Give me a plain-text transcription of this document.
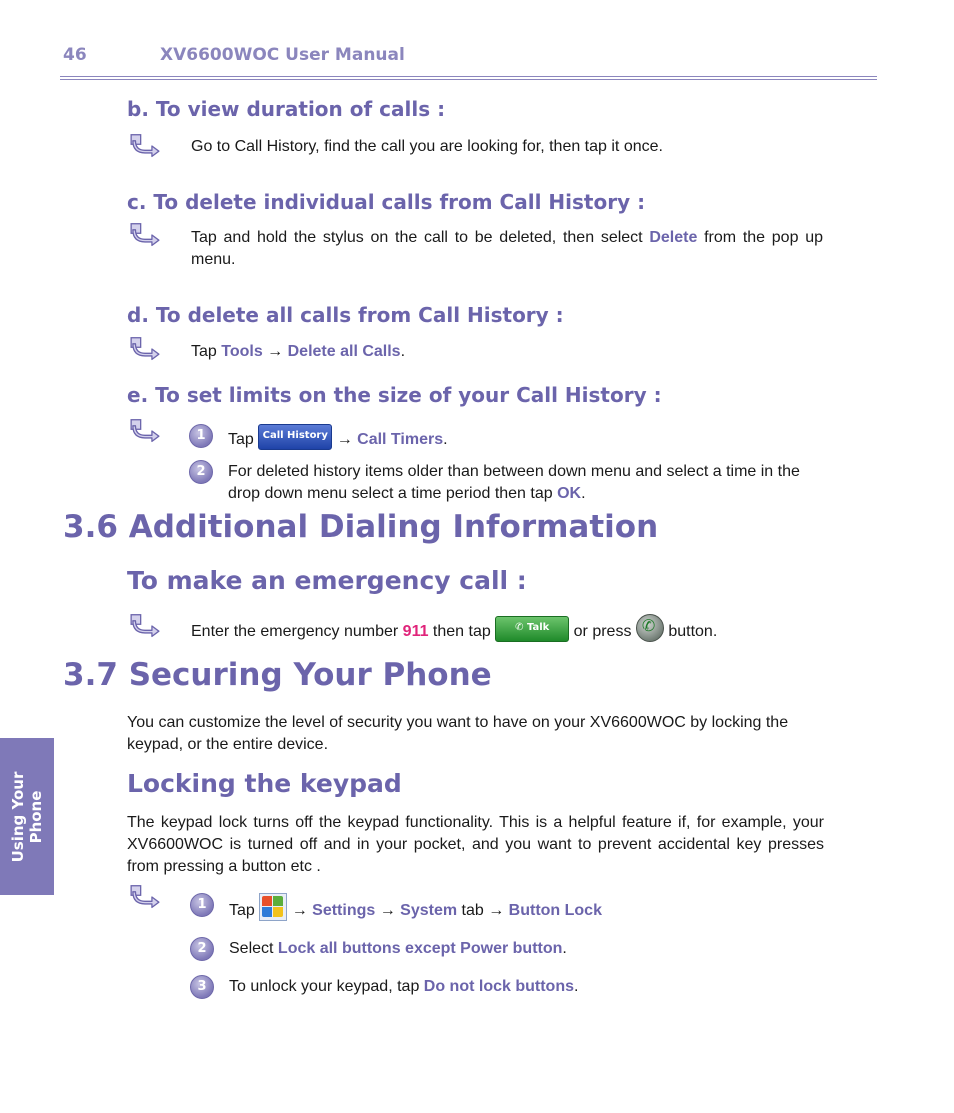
46	XV6600WOC User Manual
b. To view duration of calls :
Go to Call History, find the call you are looking for, then tap it once.
c. To delete individual calls from Call History :
Tap and hold the stylus on the call to be deleted, then select Delete from the pop up menu.
d. To delete all calls from Call History :
Tap Tools → Delete all Calls.
e. To set limits on the size of your Call History :
1	Tap Call History → Call Timers.
2	For deleted history items older than between down menu and select a time in the drop down menu select a time period then tap OK.
3.6 Additional Dialing Information
To make an emergency call :
Enter the emergency number 911 then tap ✆ Talk or press ✆ button.
3.7 Securing Your Phone
You can customize the level of security you want to have on your XV6600WOC by locking the keypad, or the entire device.
Locking the keypad
The keypad lock turns off the keypad functionality. This is a helpful feature if, for example, your XV6600WOC is turned off and in your pocket, and you want to prevent accidental key presses from pressing a button etc .
1	Tap
→ Settings → System tab → Button Lock
2	Select Lock all buttons except Power button.
3	To unlock your keypad, tap Do not lock buttons.
Using Your Phone
